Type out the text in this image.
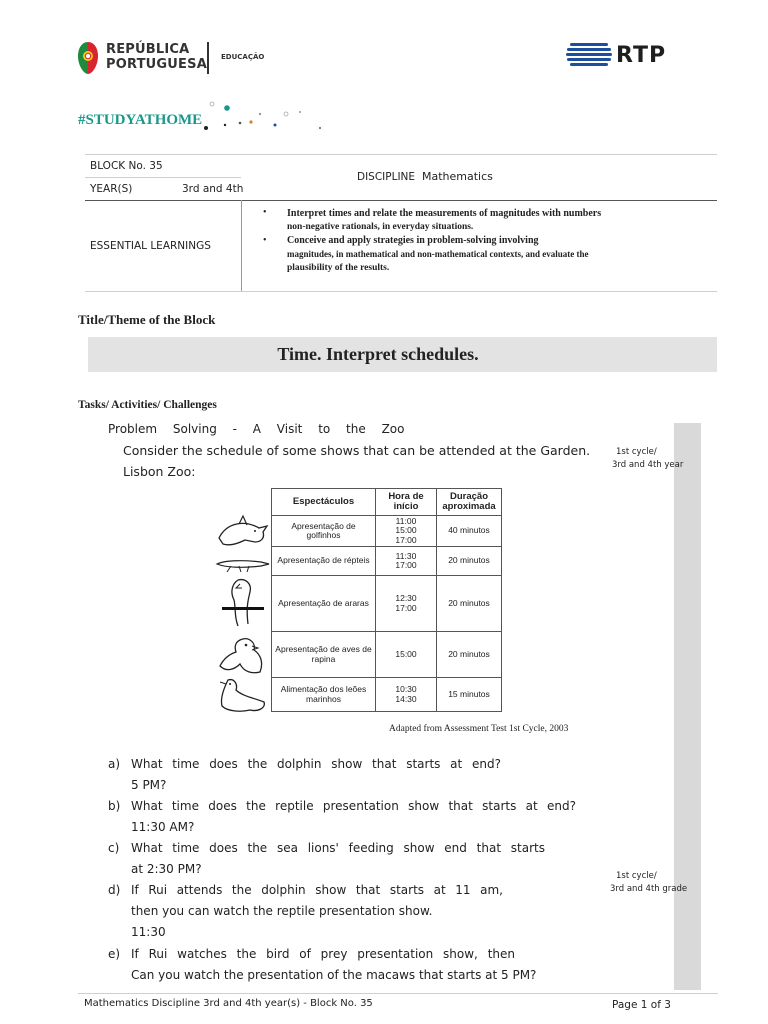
REPÚBLICA
PORTUGUESA EDUCAÇÃO	RTP
#STUDYATHOME
BLOCK No. 35
YEAR(S)	3rd and 4th
DISCIPLINE Mathematics
ESSENTIAL LEARNINGS
• Interpret times and relate the measurements of magnitudes with numbers
non-negative rationals, in everyday situations.
• Conceive and apply strategies in problem-solving involving
magnitudes, in mathematical and non-mathematical contexts, and evaluate the
plausibility of the results.
Title/Theme of the Block
Time. Interpret schedules.
Tasks/ Activities/ Challenges
Problem Solving - A Visit to the Zoo
Consider the schedule of some shows that can be attended at the Garden.
Lisbon Zoo:
1st cycle/
3rd and 4th year
Espectáculos	Hora de início	Duração aproximada
Apresentação de golfinhos	11:00
15:00
17:00	40 minutos
Apresentação de répteis	11:30
17:00	20 minutos
Apresentação de araras	12:30
17:00	20 minutos
Apresentação de aves de rapina	15:00	20 minutos
Alimentação dos leões marinhos	10:30
14:30	15 minutos
Adapted from Assessment Test 1st Cycle, 2003
a) What time does the dolphin show that starts at end?
5 PM?
b) What time does the reptile presentation show that starts at end?
11:30 AM?
c) What time does the sea lions' feeding show end that starts
at 2:30 PM?
d) If Rui attends the dolphin show that starts at 11 am,
then you can watch the reptile presentation show.
11:30
e) If Rui watches the bird of prey presentation show, then
Can you watch the presentation of the macaws that starts at 5 PM?
1st cycle/
3rd and 4th grade
Mathematics Discipline 3rd and 4th year(s) - Block No. 35	Page 1 of 3
